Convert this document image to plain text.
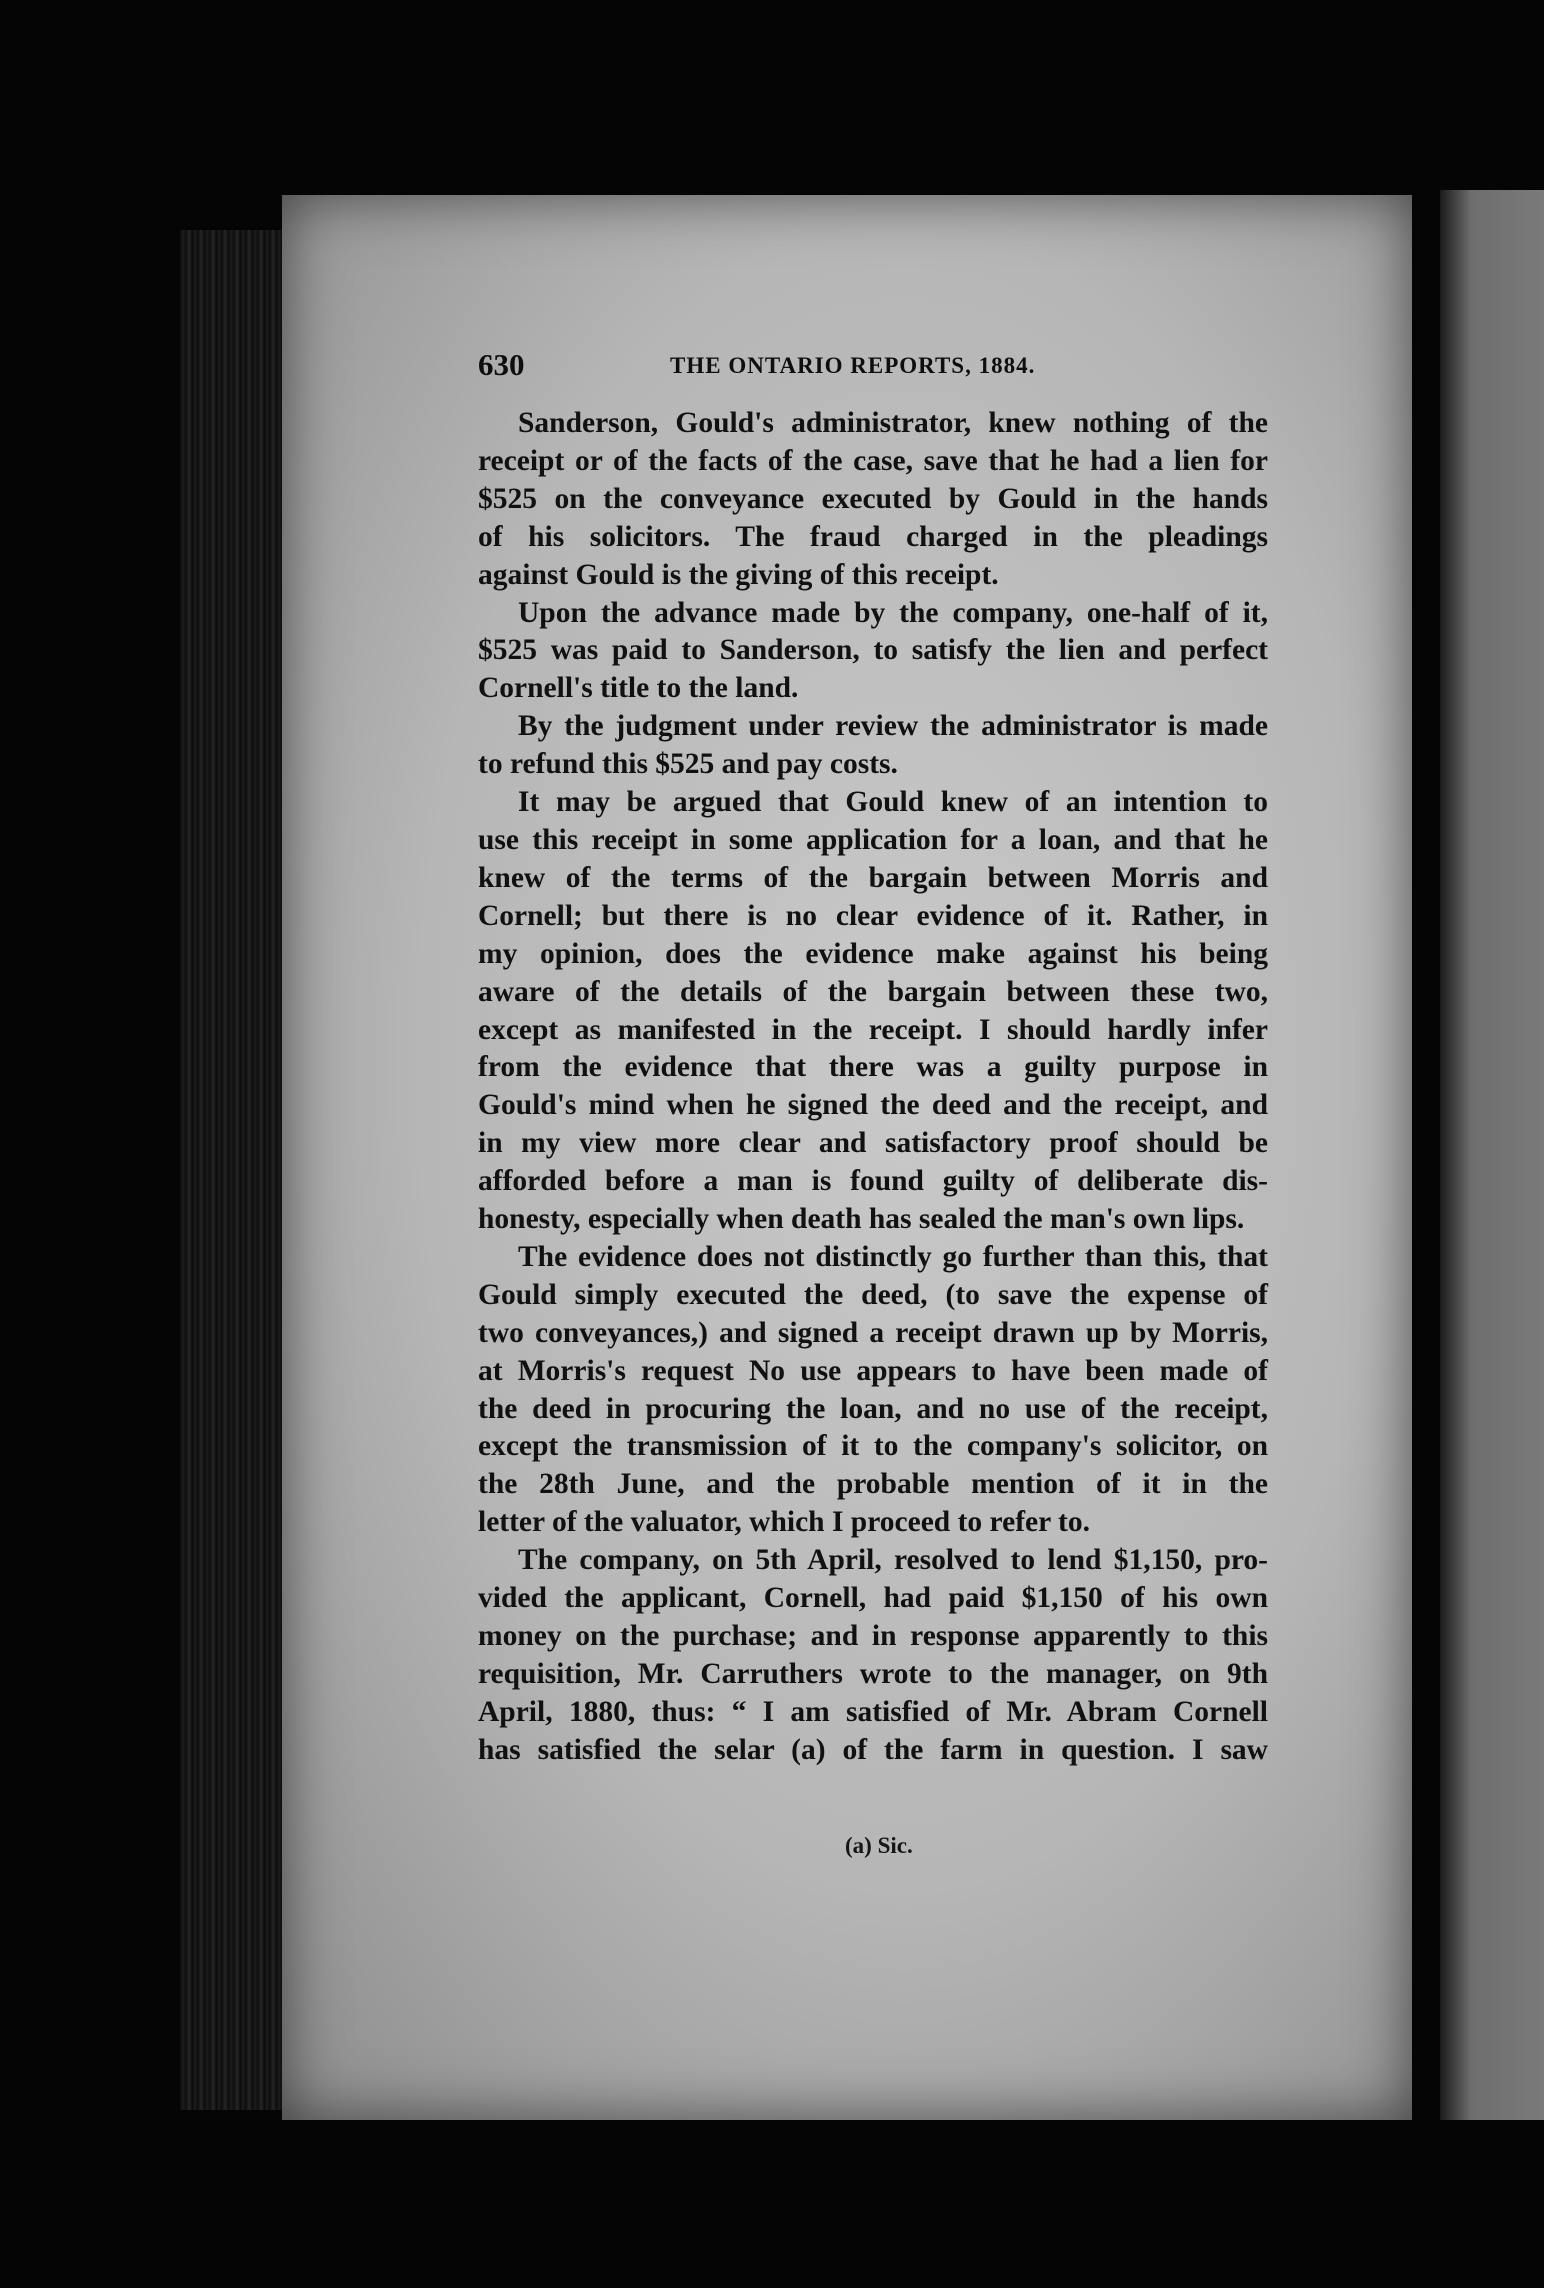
630	THE ONTARIO REPORTS, 1884.
Sanderson, Gould's administrator, knew nothing of the
receipt or of the facts of the case, save that he had a lien for
$525 on the conveyance executed by Gould in the hands
of his solicitors. The fraud charged in the pleadings
against Gould is the giving of this receipt.
Upon the advance made by the company, one-half of it,
$525 was paid to Sanderson, to satisfy the lien and perfect
Cornell's title to the land.
By the judgment under review the administrator is made
to refund this $525 and pay costs.
It may be argued that Gould knew of an intention to
use this receipt in some application for a loan, and that he
knew of the terms of the bargain between Morris and
Cornell; but there is no clear evidence of it. Rather, in
my opinion, does the evidence make against his being
aware of the details of the bargain between these two,
except as manifested in the receipt. I should hardly infer
from the evidence that there was a guilty purpose in
Gould's mind when he signed the deed and the receipt, and
in my view more clear and satisfactory proof should be
afforded before a man is found guilty of deliberate dis-
honesty, especially when death has sealed the man's own lips.
The evidence does not distinctly go further than this, that
Gould simply executed the deed, (to save the expense of
two conveyances,) and signed a receipt drawn up by Morris,
at Morris's request No use appears to have been made of
the deed in procuring the loan, and no use of the receipt,
except the transmission of it to the company's solicitor, on
the 28th June, and the probable mention of it in the
letter of the valuator, which I proceed to refer to.
The company, on 5th April, resolved to lend $1,150, pro-
vided the applicant, Cornell, had paid $1,150 of his own
money on the purchase; and in response apparently to this
requisition, Mr. Carruthers wrote to the manager, on 9th
April, 1880, thus: “ I am satisfied of Mr. Abram Cornell
has satisfied the selar (a) of the farm in question. I saw
(a) Sic.
